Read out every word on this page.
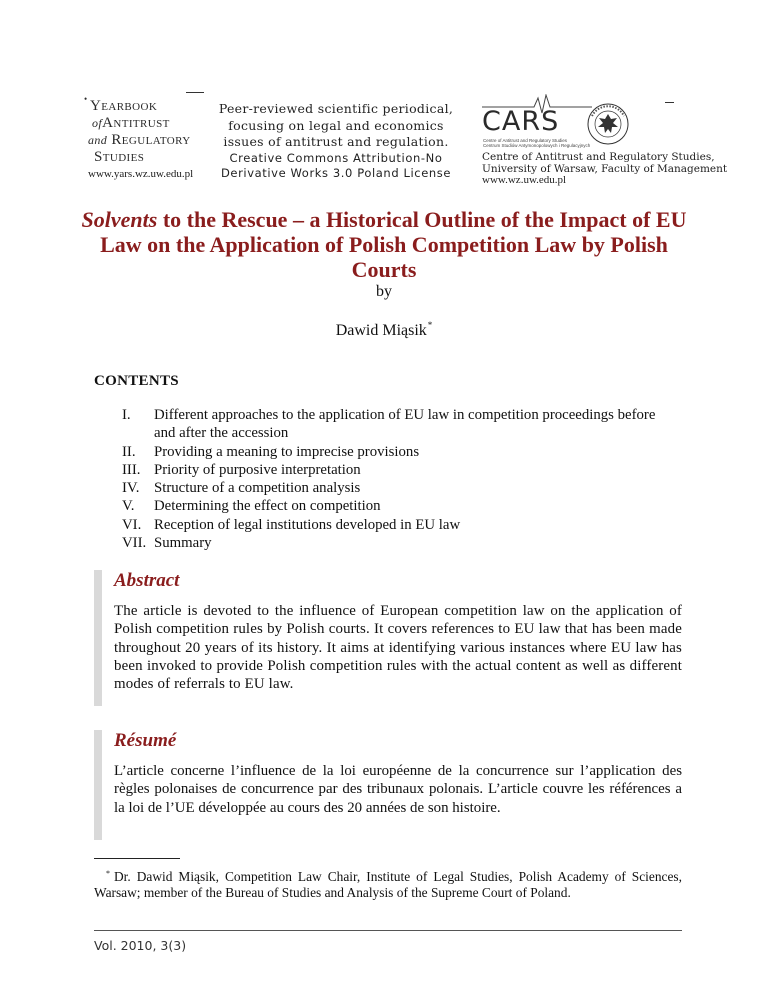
• Yearbook
ofAntitrust
and Regulatory
Studies
www.yars.wz.uw.edu.pl
Peer-reviewed scientific periodical,
focusing on legal and economics
issues of antitrust and regulation.
Creative Commons Attribution-No
Derivative Works 3.0 Poland License
CARS
Centre of Antitrust and Regulatory Studies
Centrum Studiów Antymonopolowych i Regulacyjnych
Centre of Antitrust and Regulatory Studies,
University of Warsaw, Faculty of Management
www.wz.uw.edu.pl
Solvents to the Rescue – a Historical Outline of the Impact of EU
Law on the Application of Polish Competition Law by Polish Courts
by
Dawid Miąsik*
CONTENTS
I.	Different approaches to the application of EU law in competition proceedings before and after the accession
II.	Providing a meaning to imprecise provisions
III. Priority of purposive interpretation
IV. Structure of a competition analysis
V.	Determining the effect on competition
VI. Reception of legal institutions developed in EU law
VII. Summary
Abstract

The article is devoted to the influence of European competition law on the application of Polish competition rules by Polish courts. It covers references to EU law that has been made throughout 20 years of its history. It aims at identifying various instances where EU law has been invoked to provide Polish competition rules with the actual content as well as different modes of referrals to EU law.

Résumé

L’article concerne l’influence de la loi européenne de la concurrence sur l’application des règles polonaises de concurrence par des tribunaux polonais. L’article couvre les références a la loi de l’UE développée au cours des 20 années de son histoire.

* Dr. Dawid Miąsik, Competition Law Chair, Institute of Legal Studies, Polish Academy of Sciences, Warsaw; member of the Bureau of Studies and Analysis of the Supreme Court of Poland.

Vol. 2010, 3(3)
